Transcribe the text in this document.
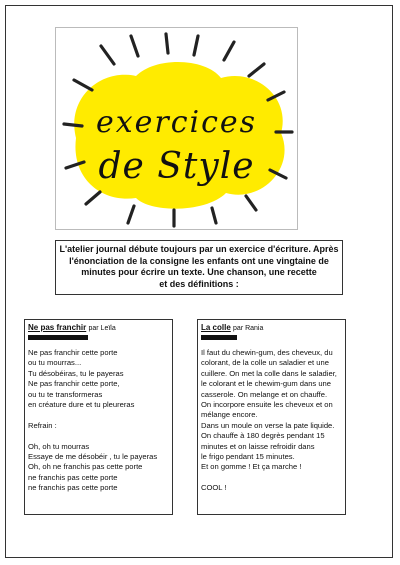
exercices
de Style
L'atelier journal débute toujours par un exercice d'écriture. Après
l'énonciation de la consigne les enfants ont une vingtaine de
minutes pour écrire un texte. Une chanson, une recette
et des définitions :
Ne pas franchir par Leïla
Ne pas franchir cette porte
ou tu mourras...
Tu désobéiras, tu le payeras
Ne pas franchir cette porte,
ou tu te transformeras
en créature dure et tu pleureras
Refrain :
Oh, oh tu mourras
Essaye de me désobéir , tu le payeras
Oh, oh ne franchis pas cette porte
ne franchis pas cette porte
ne franchis pas cette porte
La colle par Rania
Il faut du chewin-gum, des cheveux, du
colorant, de la colle un saladier et une
cuillere. On met la colle dans le saladier,
le colorant et le chewim-gum dans une
casserole. On melange et on chauffe.
On incorpore ensuite les cheveux et on
mélange encore.
Dans un moule on verse la pate liquide.
On chauffe à 180 degrès pendant 15
minutes et on laisse refroidir dans
le frigo pendant 15 minutes.
Et on gomme ! Et ça marche !
COOL !
